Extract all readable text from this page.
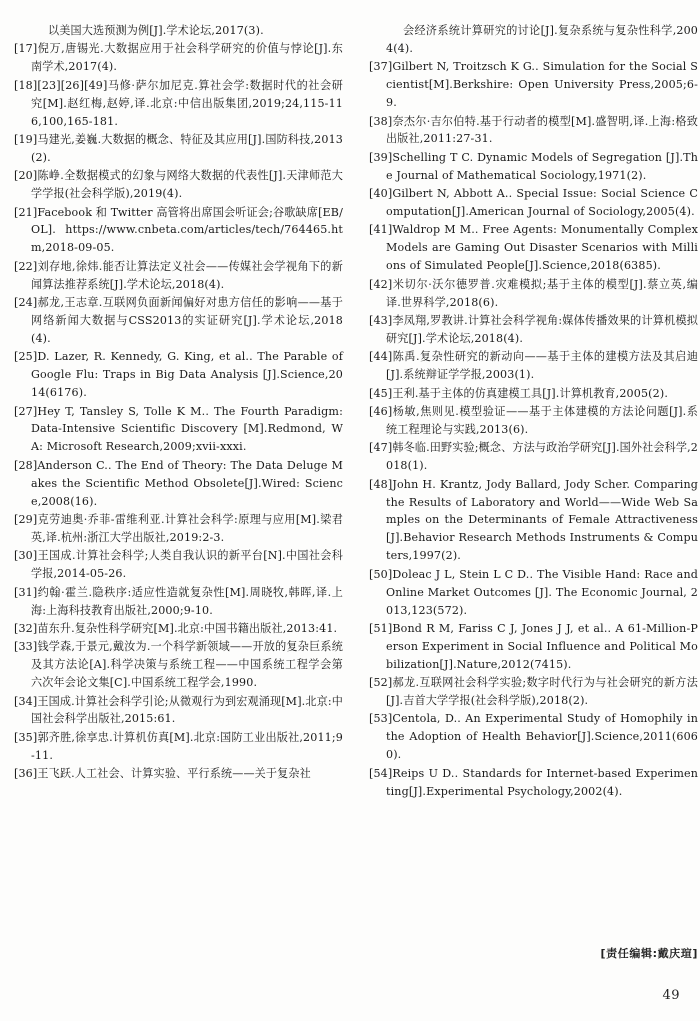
以美国大选预测为例[J].学术论坛,2017(3).

[17]倪万,唐锡光.大数据应用于社会科学研究的价值与悖论[J].东南学术,2017(4).

[18][23][26][49]马修·萨尔加尼克.算社会学:数据时代的社会研究[M].赵红梅,赵婷,译.北京:中信出版集团,2019;24,115-116,100,165-181.

[19]马建光,姜巍.大数据的概念、特征及其应用[J].国防科技,2013(2).

[20]陈峥.全数据模式的幻象与网络大数据的代表性[J].天津师范大学学报(社会科学版),2019(4).

[21]Facebook 和 Twitter 高管将出席国会听证会;谷歌缺席[EB/OL]. https://www.cnbeta.com/articles/tech/764465.htm,2018-09-05.

[22]刘存地,徐炜.能否让算法定义社会——传媒社会学视角下的新闻算法推荐系统[J].学术论坛,2018(4).

[24]郝龙,王志章.互联网负面新闻偏好对患方信任的影响——基于网络新闻大数据与CSS2013的实证研究[J].学术论坛,2018(4).

[25]D. Lazer, R. Kennedy, G. King, et al.. The Parable of Google Flu: Traps in Big Data Analysis [J].Science,2014(6176).

[27]Hey T, Tansley S, Tolle K M.. The Fourth Paradigm: Data-Intensive Scientific Discovery [M].Redmond, WA: Microsoft Research,2009;xvii-xxxi.

[28]Anderson C.. The End of Theory: The Data Deluge Makes the Scientific Method Obsolete[J].Wired: Science,2008(16).

[29]克劳迪奥·乔菲-雷维利亚.计算社会科学:原理与应用[M].梁君英,译.杭州:浙江大学出版社,2019:2-3.

[30]王国成.计算社会科学;人类自我认识的新平台[N].中国社会科学报,2014-05-26.

[31]约翰·霍兰.隐秩序:适应性造就复杂性[M].周晓牧,韩晖,译.上海:上海科技教育出版社,2000;9-10.

[32]苗东升.复杂性科学研究[M].北京:中国书籍出版社,2013:41.

[33]钱学森,于景元,戴汝为.一个科学新领域——开放的复杂巨系统及其方法论[A].科学决策与系统工程——中国系统工程学会第六次年会论文集[C].中国系统工程学会,1990.

[34]王国成.计算社会科学引论;从微观行为到宏观涌现[M].北京:中国社会科学出版社,2015:61.

[35]郭齐胜,徐享忠.计算机仿真[M].北京:国防工业出版社,2011;9-11.

[36]王飞跃.人工社会、计算实验、平行系统——关于复杂社

会经济系统计算研究的讨论[J].复杂系统与复杂性科学,2004(4).

[37]Gilbert N, Troitzsch K G.. Simulation for the Social Scientist[M].Berkshire: Open University Press,2005;6-9.

[38]奈杰尔·吉尔伯特.基于行动者的模型[M].盛智明,译.上海:格致出版社,2011:27-31.

[39]Schelling T C. Dynamic Models of Segregation [J].The Journal of Mathematical Sociology,1971(2).

[40]Gilbert N, Abbott A.. Special Issue: Social Science Computation[J].American Journal of Sociology,2005(4).

[41]Waldrop M M.. Free Agents: Monumentally Complex Models are Gaming Out Disaster Scenarios with Millions of Simulated People[J].Science,2018(6385).

[42]米切尔·沃尔德罗普.灾难模拟;基于主体的模型[J].蔡立英,编译.世界科学,2018(6).

[43]李凤翔,罗教讲.计算社会科学视角:媒体传播效果的计算机模拟研究[J].学术论坛,2018(4).

[44]陈禹.复杂性研究的新动向——基于主体的建模方法及其启迪[J].系统辩证学学报,2003(1).

[45]王利.基于主体的仿真建模工具[J].计算机教育,2005(2).

[46]杨敏,焦则见.模型验证——基于主体建模的方法论问题[J].系统工程理论与实践,2013(6).

[47]韩冬临.田野实验;概念、方法与政治学研究[J].国外社会科学,2018(1).

[48]John H. Krantz, Jody Ballard, Jody Scher. Comparing the Results of Laboratory and World——Wide Web Samples on the Determinants of Female Attractiveness[J].Behavior Research Methods Instruments & Computers,1997(2).

[50]Doleac J L, Stein L C D.. The Visible Hand: Race and Online Market Outcomes [J]. The Economic Journal, 2013,123(572).

[51]Bond R M, Fariss C J, Jones J J, et al.. A 61-Million-Person Experiment in Social Influence and Political Mobilization[J].Nature,2012(7415).

[52]郝龙.互联网社会科学实验;数字时代行为与社会研究的新方法[J].吉首大学学报(社会科学版),2018(2).

[53]Centola, D.. An Experimental Study of Homophily in the Adoption of Health Behavior[J].Science,2011(6060).

[54]Reips U D.. Standards for Internet-based Experimenting[J].Experimental Psychology,2002(4).

[责任编辑:戴庆瑄]
49
